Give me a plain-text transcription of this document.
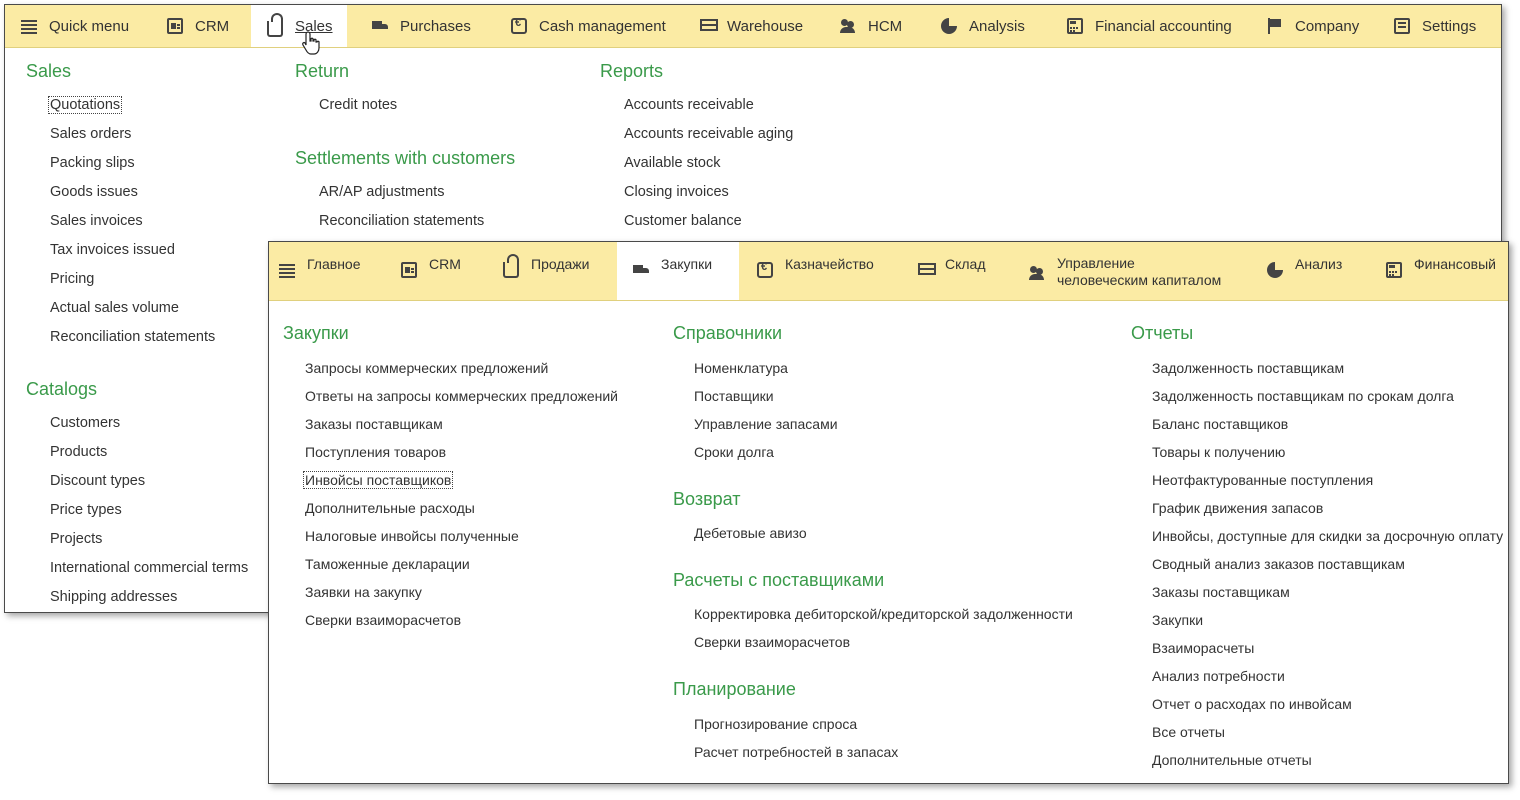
Quick menu	CRM	Sales	Purchases €	Cash management	Warehouse	HCM	Analysis	Financial accounting	Company	Settings
Sales
Quotations
Sales orders
Packing slips
Goods issues
Sales invoices
Tax invoices issued
Pricing
Actual sales volume
Reconciliation statements
Catalogs
Customers
Products
Discount types
Price types
Projects
International commercial terms
Shipping addresses
Return
Credit notes
Settlements with customers
AR/AP adjustments
Reconciliation statements
Reports
Accounts receivable
Accounts receivable aging
Available stock
Closing invoices
Customer balance
Главное	CRM	Продажи	Закупки €	Казначейство	Склад	Управление
человеческим капиталом
Анализ	Финансовый
Закупки
Запросы коммерческих предложений
Ответы на запросы коммерческих предложений
Заказы поставщикам
Поступления товаров
Инвойсы поставщиков
Дополнительные расходы
Налоговые инвойсы полученные
Таможенные декларации
Заявки на закупку
Сверки взаиморасчетов
Справочники
Номенклатура
Поставщики
Управление запасами
Сроки долга
Возврат
Дебетовые авизо
Расчеты с поставщиками
Корректировка дебиторской/кредиторской задолженности
Сверки взаиморасчетов
Планирование
Прогнозирование спроса
Расчет потребностей в запасах
Отчеты
Задолженность поставщикам
Задолженность поставщикам по срокам долга
Баланс поставщиков
Товары к получению
Неотфактурованные поступления
График движения запасов
Инвойсы, доступные для скидки за досрочную оплату
Сводный анализ заказов поставщикам
Заказы поставщикам
Закупки
Взаиморасчеты
Анализ потребности
Отчет о расходах по инвойсам
Все отчеты
Дополнительные отчеты
